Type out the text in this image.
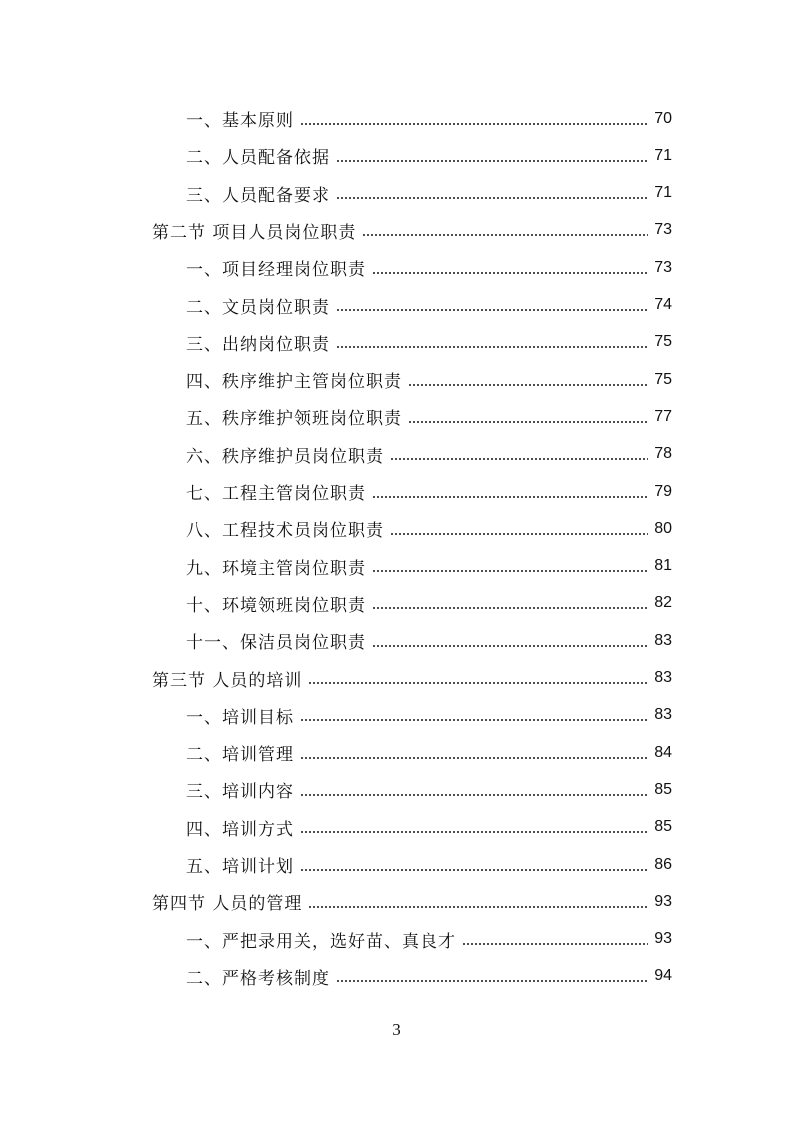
一、基本原则	70
二、人员配备依据	71
三、人员配备要求	71
第二节 项目人员岗位职责	73
一、项目经理岗位职责	73
二、文员岗位职责	74
三、出纳岗位职责	75
四、秩序维护主管岗位职责	75
五、秩序维护领班岗位职责	77
六、秩序维护员岗位职责	78
七、工程主管岗位职责	79
八、工程技术员岗位职责	80
九、环境主管岗位职责	81
十、环境领班岗位职责	82
十一、保洁员岗位职责	83
第三节 人员的培训	83
一、培训目标	83
二、培训管理	84
三、培训内容	85
四、培训方式	85
五、培训计划	86
第四节 人员的管理	93
一、严把录用关，选好苗、真良才	93
二、严格考核制度	94
3
